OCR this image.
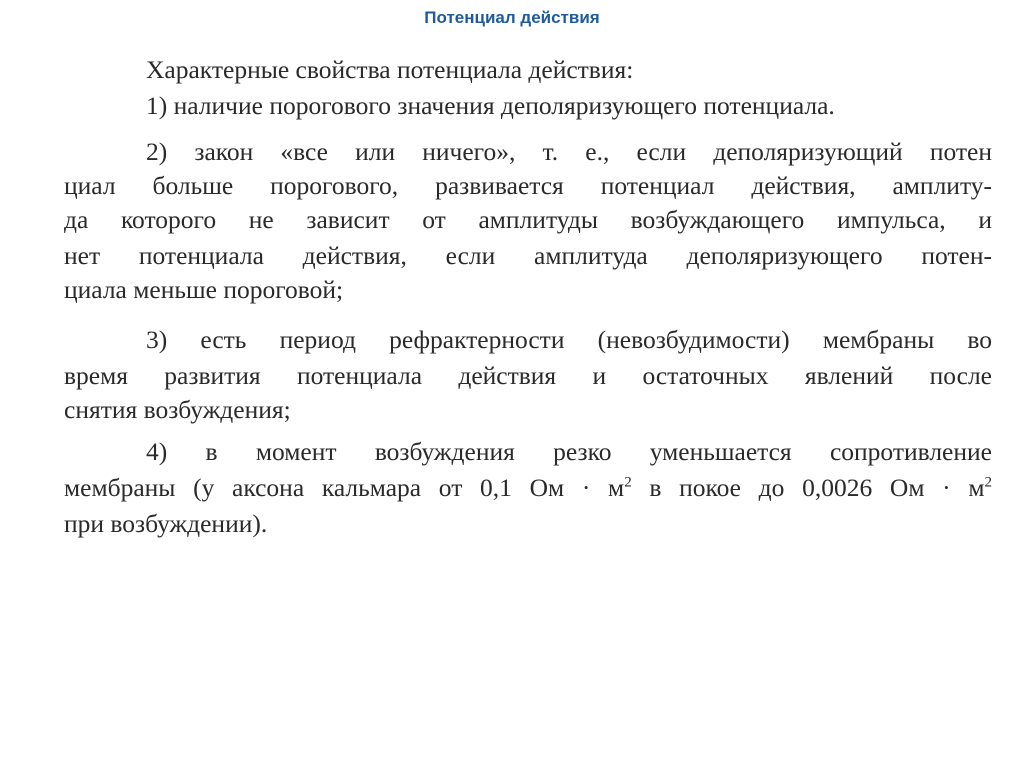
Потенциал действия
Характерные свойства потенциала действия:
1) наличие порогового значения деполяризующего потенциала.
2) закон «все или ничего», т. е., если деполяризующий потен
циал больше порогового, развивается потенциал действия, амплиту-
да которого не зависит от амплитуды возбуждающего импульса, и
нет потенциала действия, если амплитуда деполяризующего потен-
циала меньше пороговой;
3) есть период рефрактерности (невозбудимости) мембраны во
время развития потенциала действия и остаточных явлений после
снятия возбуждения;
4) в момент возбуждения резко уменьшается сопротивление
мембраны (у аксона кальмара от 0,1 Ом · $м^2$ в покое до 0,0026 Ом · $м^2$
при возбуждении).
